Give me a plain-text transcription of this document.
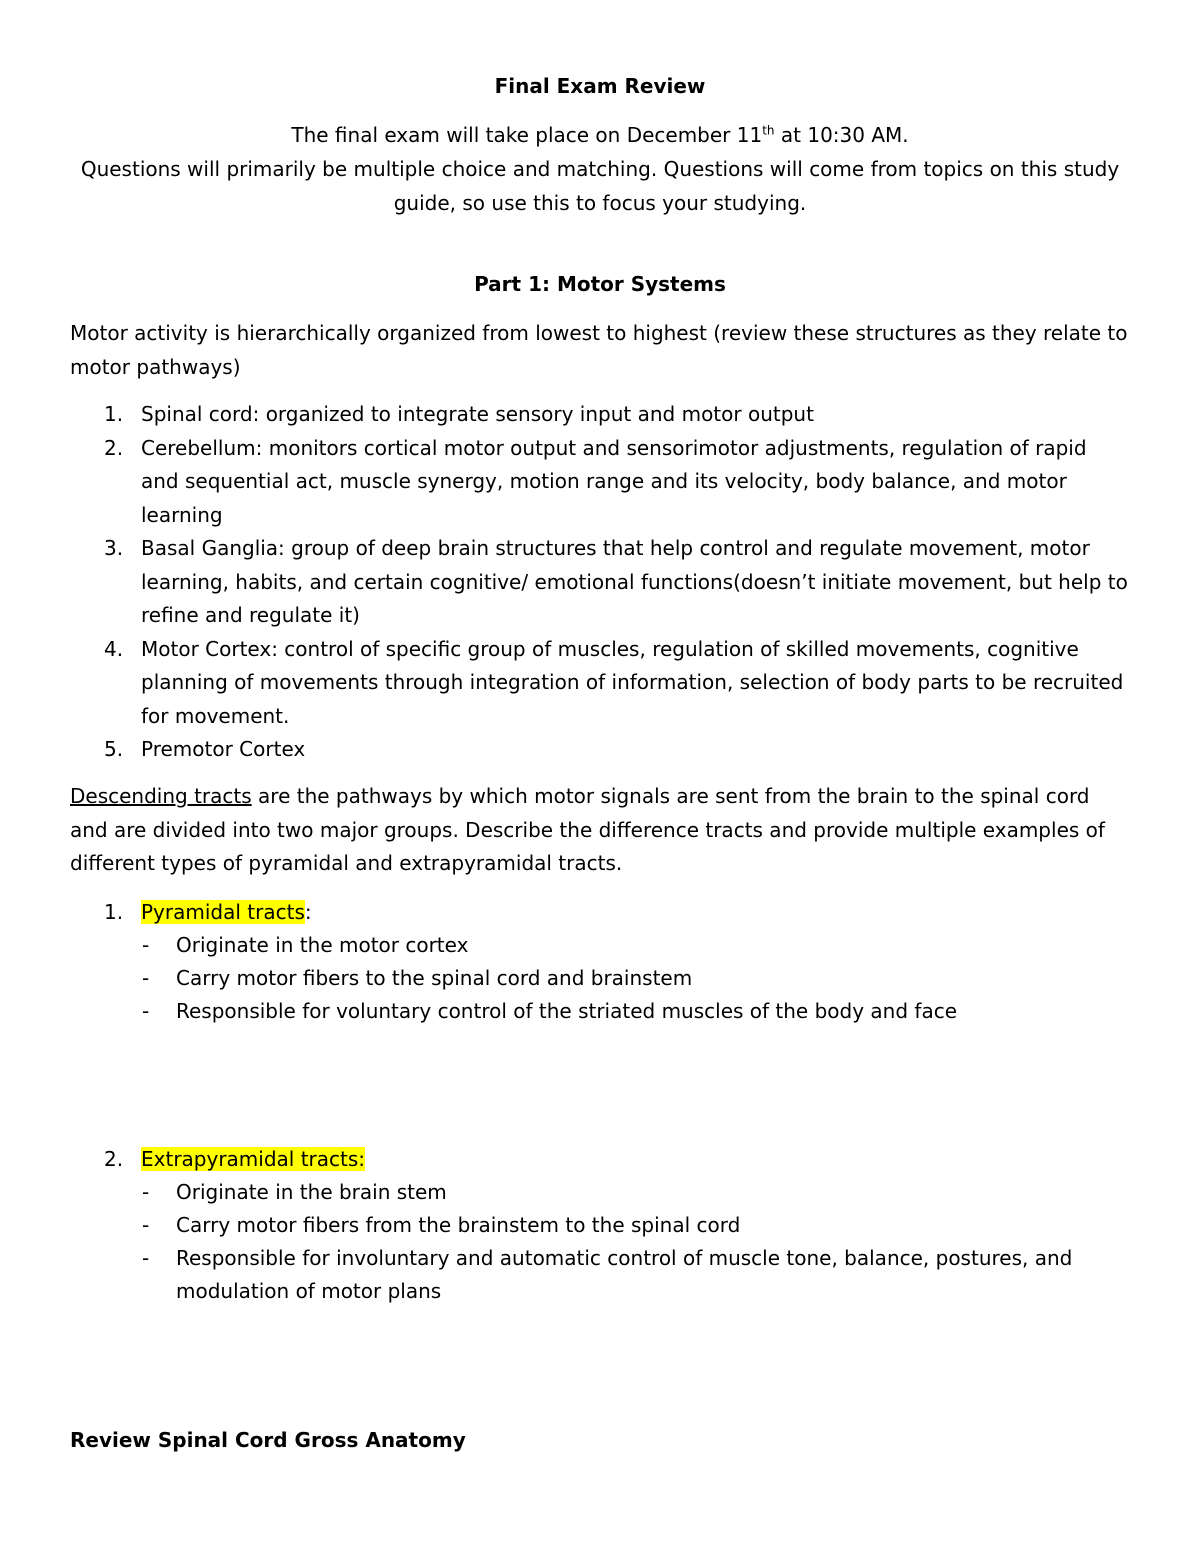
Final Exam Review
The final exam will take place on December 11th at 10:30 AM.
Questions will primarily be multiple choice and matching. Questions will come from topics on this study guide, so use this to focus your studying.
Part 1: Motor Systems
Motor activity is hierarchically organized from lowest to highest (review these structures as they relate to motor pathways)
1. Spinal cord: organized to integrate sensory input and motor output
2. Cerebellum: monitors cortical motor output and sensorimotor adjustments, regulation of rapid and sequential act, muscle synergy, motion range and its velocity, body balance, and motor learning
3. Basal Ganglia: group of deep brain structures that help control and regulate movement, motor learning, habits, and certain cognitive/ emotional functions(doesn’t initiate movement, but help to refine and regulate it)
4. Motor Cortex: control of specific group of muscles, regulation of skilled movements, cognitive planning of movements through integration of information, selection of body parts to be recruited for movement.
5. Premotor Cortex
Descending tracts are the pathways by which motor signals are sent from the brain to the spinal cord and are divided into two major groups. Describe the difference tracts and provide multiple examples of different types of pyramidal and extrapyramidal tracts.
1. Pyramidal tracts:
- Originate in the motor cortex
- Carry motor fibers to the spinal cord and brainstem
- Responsible for voluntary control of the striated muscles of the body and face
2. Extrapyramidal tracts:
- Originate in the brain stem
- Carry motor fibers from the brainstem to the spinal cord
- Responsible for involuntary and automatic control of muscle tone, balance, postures, and modulation of motor plans
Review Spinal Cord Gross Anatomy
